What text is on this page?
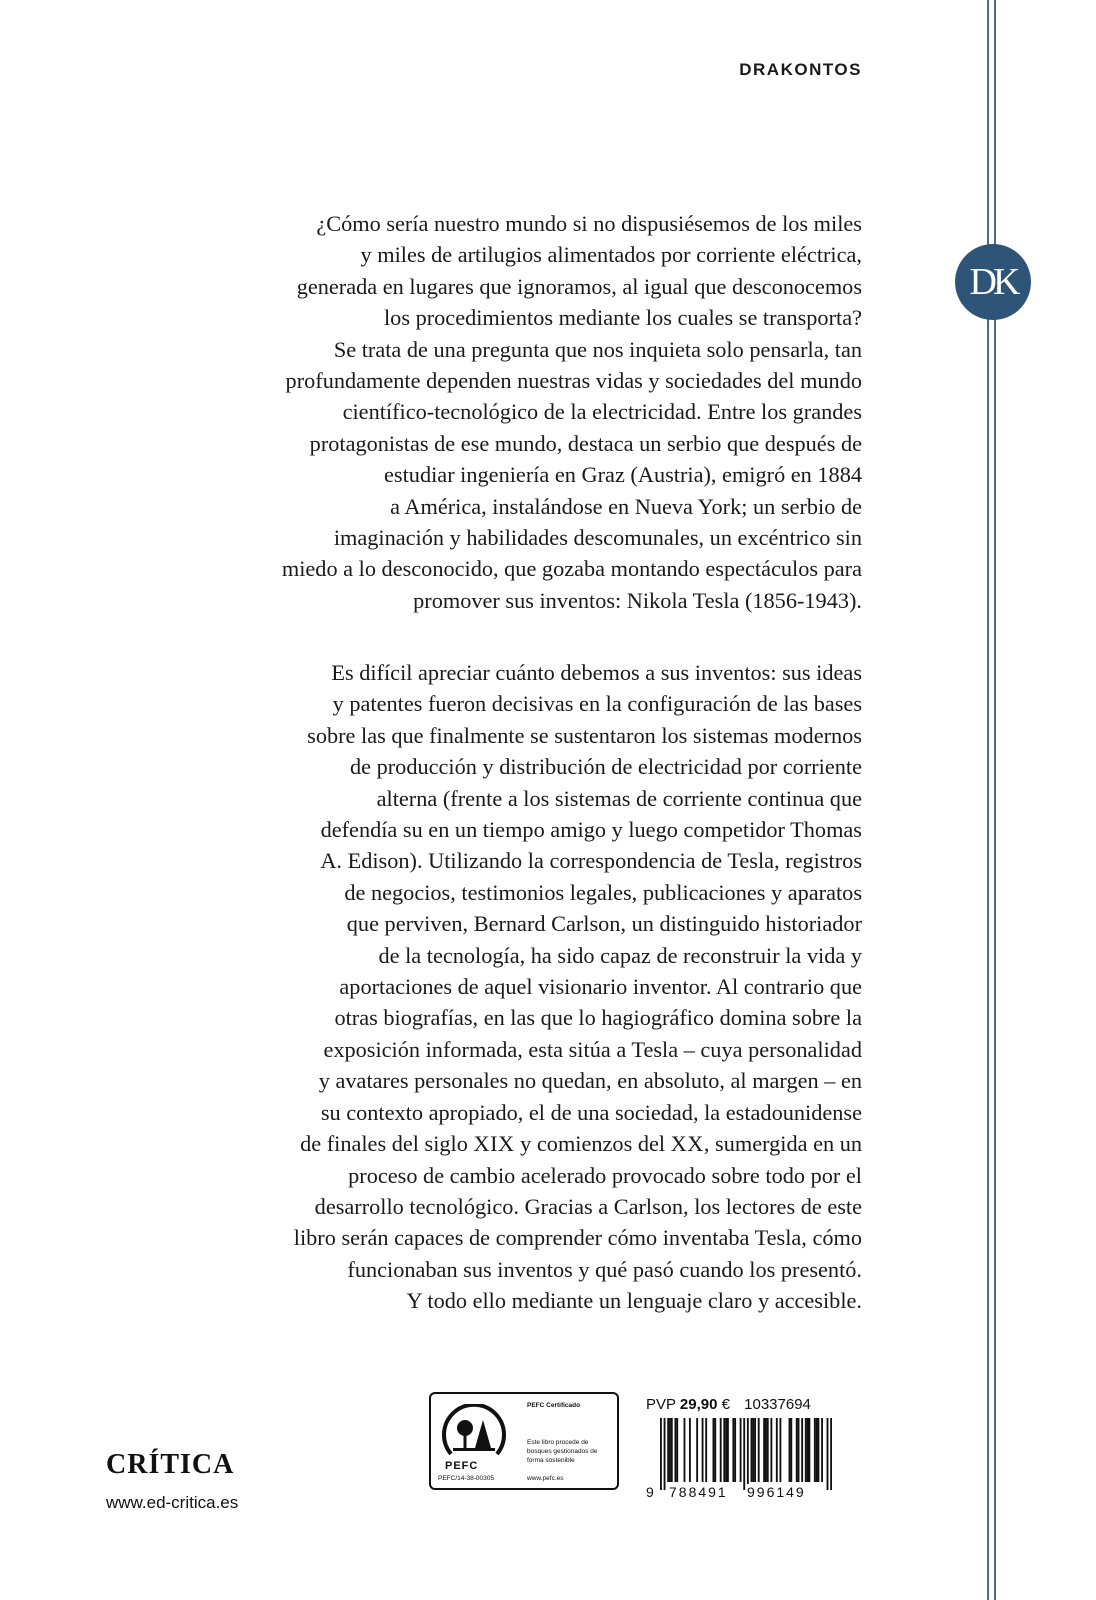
DRAKONTOS
DK

¿Cómo sería nuestro mundo si no dispusiésemos de los miles

y miles de artilugios alimentados por corriente eléctrica,

generada en lugares que ignoramos, al igual que desconocemos

los procedimientos mediante los cuales se transporta?

Se trata de una pregunta que nos inquieta solo pensarla, tan

profundamente dependen nuestras vidas y sociedades del mundo

científico-tecnológico de la electricidad. Entre los grandes

protagonistas de ese mundo, destaca un serbio que después de

estudiar ingeniería en Graz (Austria), emigró en 1884

a América, instalándose en Nueva York; un serbio de

imaginación y habilidades descomunales, un excéntrico sin

miedo a lo desconocido, que gozaba montando espectáculos para

promover sus inventos: Nikola Tesla (1856-1943).

Es difícil apreciar cuánto debemos a sus inventos: sus ideas

y patentes fueron decisivas en la configuración de las bases

sobre las que finalmente se sustentaron los sistemas modernos

de producción y distribución de electricidad por corriente

alterna (frente a los sistemas de corriente continua que

defendía su en un tiempo amigo y luego competidor Thomas

A. Edison). Utilizando la correspondencia de Tesla, registros

de negocios, testimonios legales, publicaciones y aparatos

que perviven, Bernard Carlson, un distinguido historiador

de la tecnología, ha sido capaz de reconstruir la vida y

aportaciones de aquel visionario inventor. Al contrario que

otras biografías, en las que lo hagiográfico domina sobre la

exposición informada, esta sitúa a Tesla – cuya personalidad

y avatares personales no quedan, en absoluto, al margen – en

su contexto apropiado, el de una sociedad, la estadounidense

de finales del siglo XIX y comienzos del XX, sumergida en un

proceso de cambio acelerado provocado sobre todo por el

desarrollo tecnológico. Gracias a Carlson, los lectores de este

libro serán capaces de comprender cómo inventaba Tesla, cómo

funcionaban sus inventos y qué pasó cuando los presentó.

Y todo ello mediante un lenguaje claro y accesible.

CRÍTICA
www.ed-critica.es
PEFC
PEFC/14-38-00305
PEFC Certificado
Este libro procede de bosques gestionados de forma sostenible
www.pefc.es
PVP 29,90 € 10337694
9 788491 996149
